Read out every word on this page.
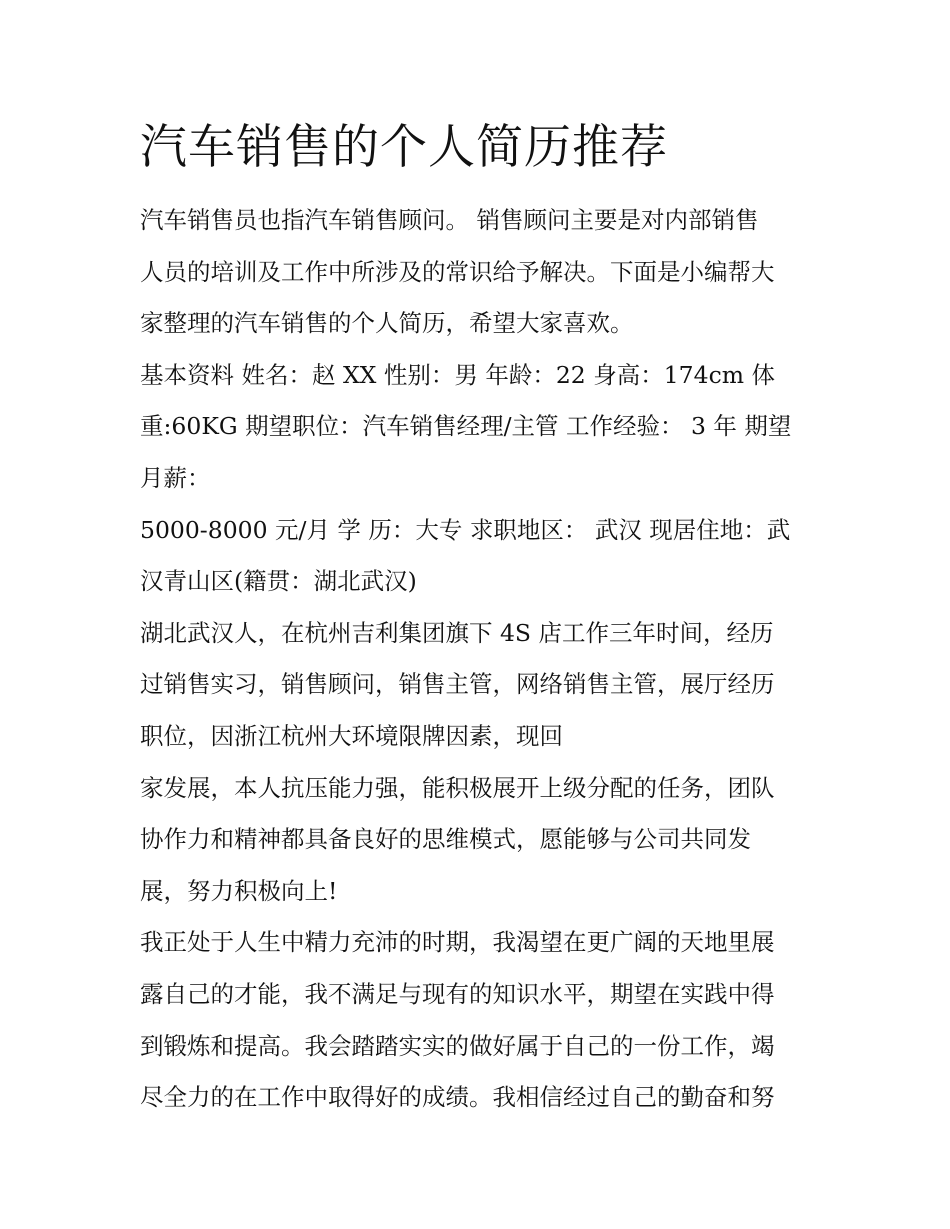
汽车销售的个人简历推荐

汽车销售员也指汽车销售顾问。 销售顾问主要是对内部销售
人员的培训及工作中所涉及的常识给予解决。下面是小编帮大
家整理的汽车销售的个人简历，希望大家喜欢。

基本资料 姓名：赵 XX 性别：男 年龄：22 身高：174cm 体
重:60KG 期望职位：汽车销售经理/主管 工作经验： 3 年 期望
月薪：

5000-8000 元/月 学 历：大专 求职地区： 武汉 现居住地：武
汉青山区(籍贯：湖北武汉)

湖北武汉人，在杭州吉利集团旗下 4S 店工作三年时间，经历
过销售实习，销售顾问，销售主管，网络销售主管，展厅经历
职位，因浙江杭州大环境限牌因素，现回

家发展，本人抗压能力强，能积极展开上级分配的任务，团队
协作力和精神都具备良好的思维模式，愿能够与公司共同发
展，努力积极向上!

我正处于人生中精力充沛的时期，我渴望在更广阔的天地里展
露自己的才能，我不满足与现有的知识水平，期望在实践中得
到锻炼和提高。我会踏踏实实的做好属于自己的一份工作，竭
尽全力的在工作中取得好的成绩。我相信经过自己的勤奋和努
